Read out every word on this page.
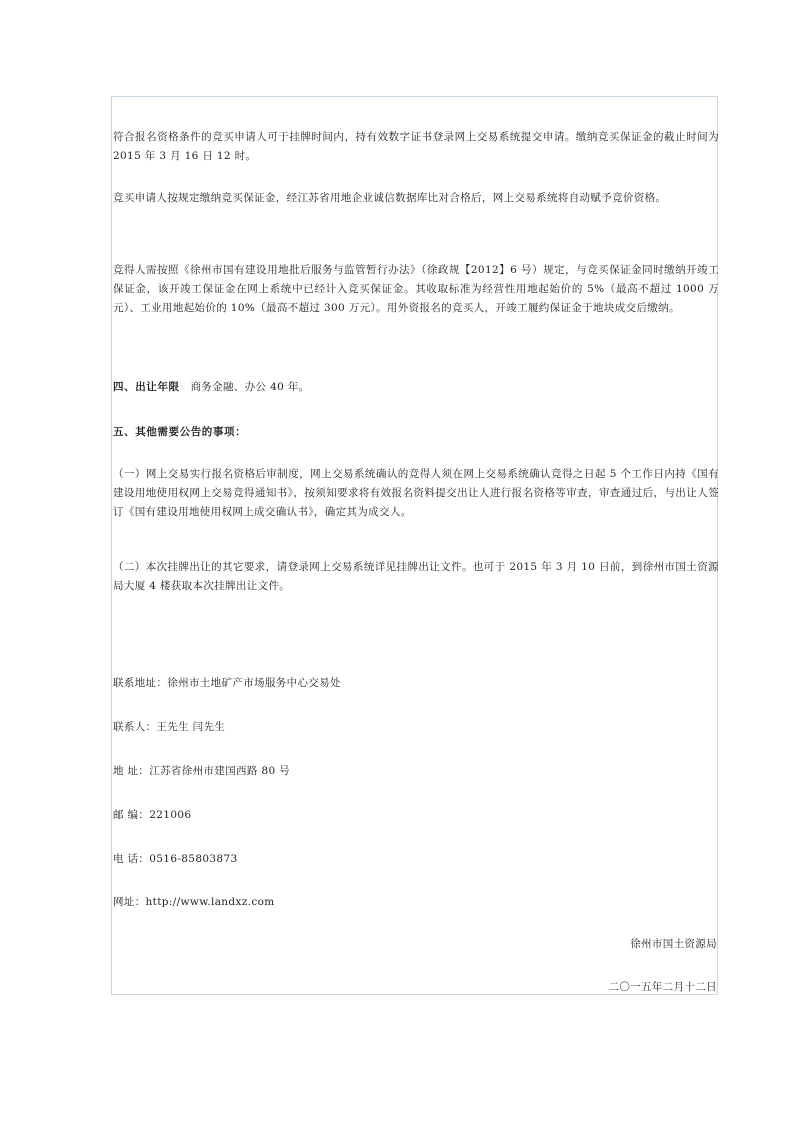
符合报名资格条件的竞买申请人可于挂牌时间内，持有效数字证书登录网上交易系统提交申请。缴纳竞买保证金的截止时间为 2015 年 3 月 16 日 12 时。

竞买申请人按规定缴纳竞买保证金，经江苏省用地企业诚信数据库比对合格后，网上交易系统将自动赋予竞价资格。

竞得人需按照《徐州市国有建设用地批后服务与监管暂行办法》（徐政规【2012】6 号）规定，与竞买保证金同时缴纳开竣工保证金，该开竣工保证金在网上系统中已经计入竞买保证金。其收取标准为经营性用地起始价的 5%（最高不超过 1000 万元）、工业用地起始价的 10%（最高不超过 300 万元）。用外资报名的竞买人，开竣工履约保证金于地块成交后缴纳。

四、出让年限　商务金融、办公 40 年。

五、其他需要公告的事项：

（一）网上交易实行报名资格后审制度，网上交易系统确认的竞得人须在网上交易系统确认竞得之日起 5 个工作日内持《国有建设用地使用权网上交易竞得通知书》，按须知要求将有效报名资料提交出让人进行报名资格等审查，审查通过后，与出让人签订《国有建设用地使用权网上成交确认书》，确定其为成交人。

（二）本次挂牌出让的其它要求，请登录网上交易系统详见挂牌出让文件。也可于 2015 年 3 月 10 日前，到徐州市国土资源局大厦 4 楼获取本次挂牌出让文件。

联系地址：徐州市土地矿产市场服务中心交易处

联系人：王先生 闫先生

地 址：江苏省徐州市建国西路 80 号

邮 编：221006

电 话：0516-85803873

网址：http://www.landxz.com

徐州市国土资源局

二〇一五年二月十二日
